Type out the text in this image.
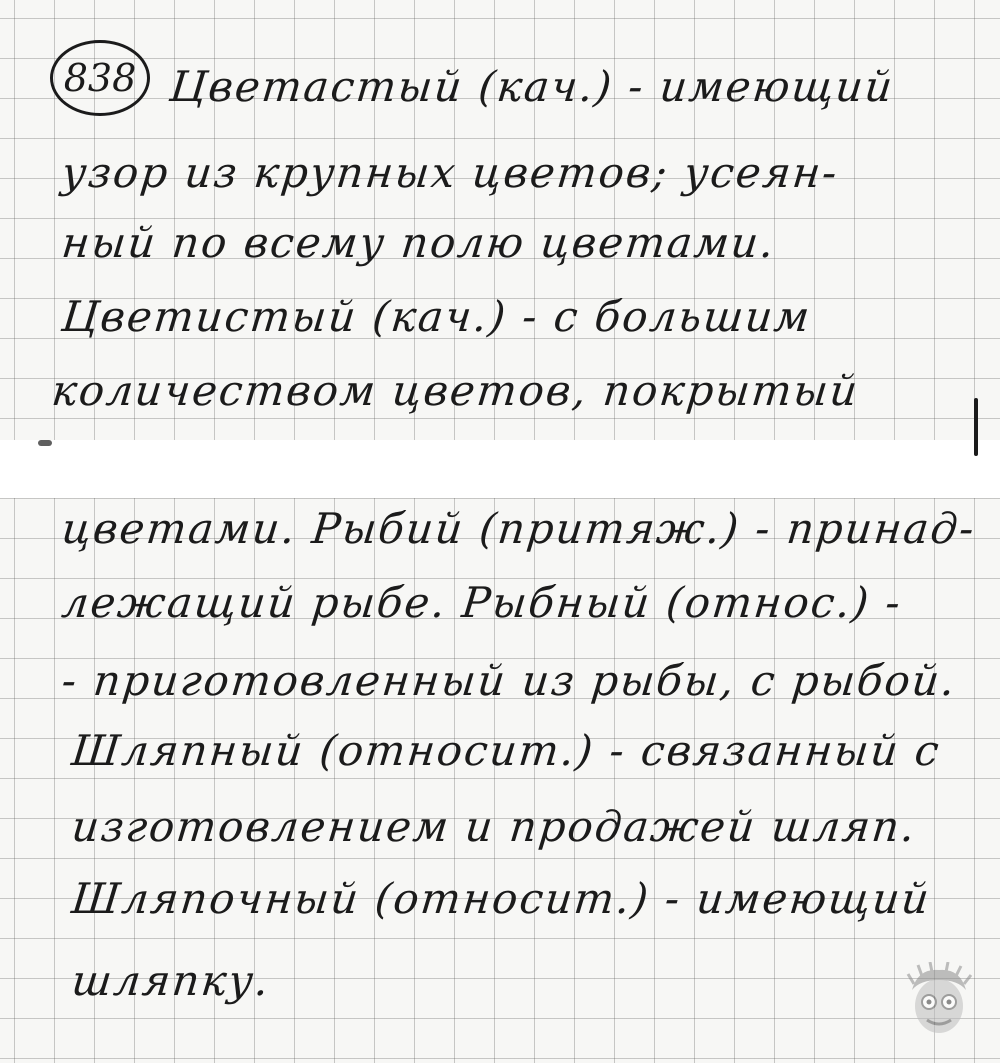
838 Цветастый (кач.) - имеющий
узор из крупных цветов; усеян-
ный по всему полю цветами.
Цветистый (кач.) - с большим
количеством цветов, покрытый
цветами. Рыбий (притяж.) - принад-
лежащий рыбе. Рыбный (относ.) -
- приготовленный из рыбы, с рыбой.
Шляпный (относит.) - связанный с
изготовлением и продажей шляп.
Шляпочный (относит.) - имеющий
шляпку.
